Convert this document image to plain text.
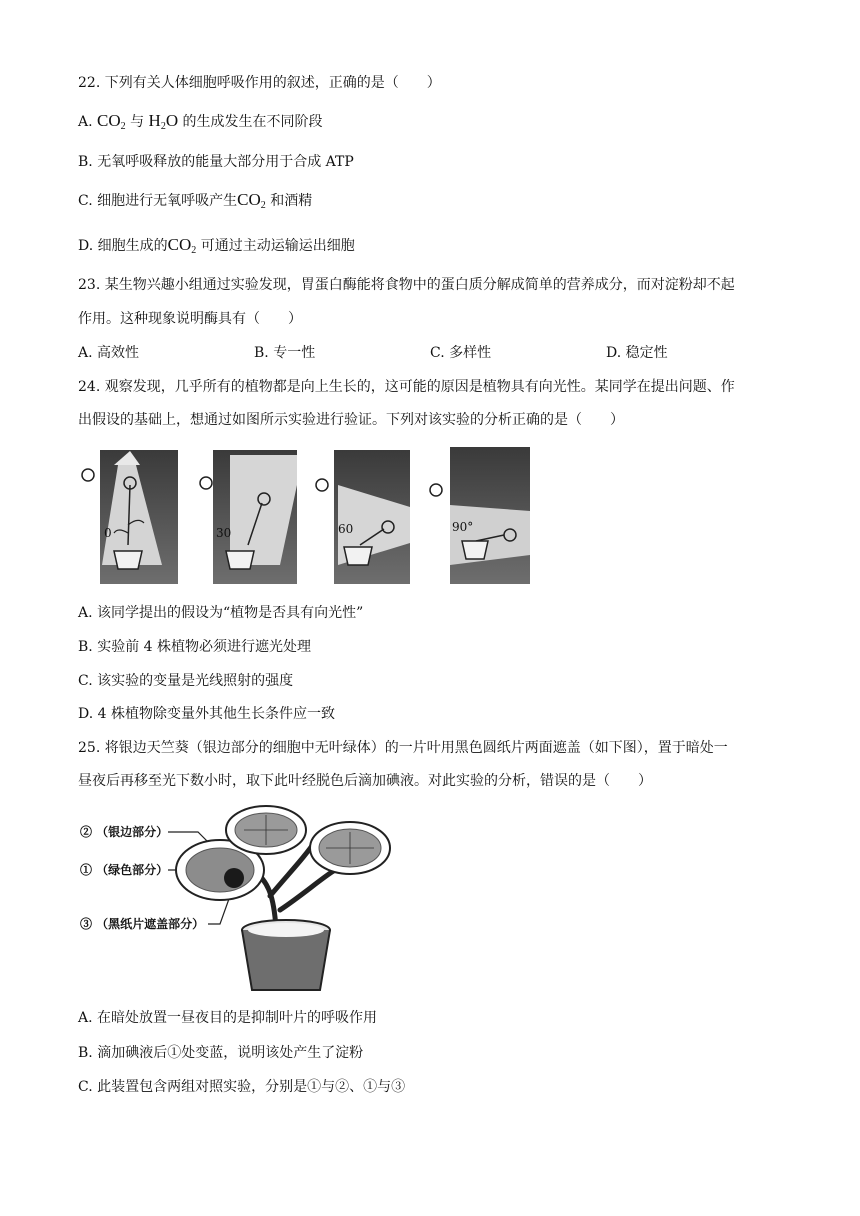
22. 下列有关人体细胞呼吸作用的叙述，正确的是（　　）
A. $CO_2$ 与 $H_2O$ 的生成发生在不同阶段
B. 无氧呼吸释放的能量大部分用于合成 ATP
C. 细胞进行无氧呼吸产生$CO_2$ 和酒精
D. 细胞生成的$CO_2$ 可通过主动运输运出细胞
23. 某生物兴趣小组通过实验发现，胃蛋白酶能将食物中的蛋白质分解成简单的营养成分，而对淀粉却不起
作用。这种现象说明酶具有（　　）
A. 高效性	B. 专一性	C. 多样性	D. 稳定性
24. 观察发现，几乎所有的植物都是向上生长的，这可能的原因是植物具有向光性。某同学在提出问题、作
出假设的基础上，想通过如图所示实验进行验证。下列对该实验的分析正确的是（　　）
0	30	60	90°
A. 该同学提出的假设为“植物是否具有向光性”
B. 实验前 4 株植物必须进行遮光处理
C. 该实验的变量是光线照射的强度
D. 4 株植物除变量外其他生长条件应一致
25. 将银边天竺葵（银边部分的细胞中无叶绿体）的一片叶用黑色圆纸片两面遮盖（如下图），置于暗处一
昼夜后再移至光下数小时，取下此叶经脱色后滴加碘液。对此实验的分析，错误的是（　　）
② （银边部分）
① （绿色部分）
③ （黑纸片遮盖部分）
A. 在暗处放置一昼夜目的是抑制叶片的呼吸作用
B. 滴加碘液后①处变蓝，说明该处产生了淀粉
C. 此装置包含两组对照实验，分别是①与②、①与③
